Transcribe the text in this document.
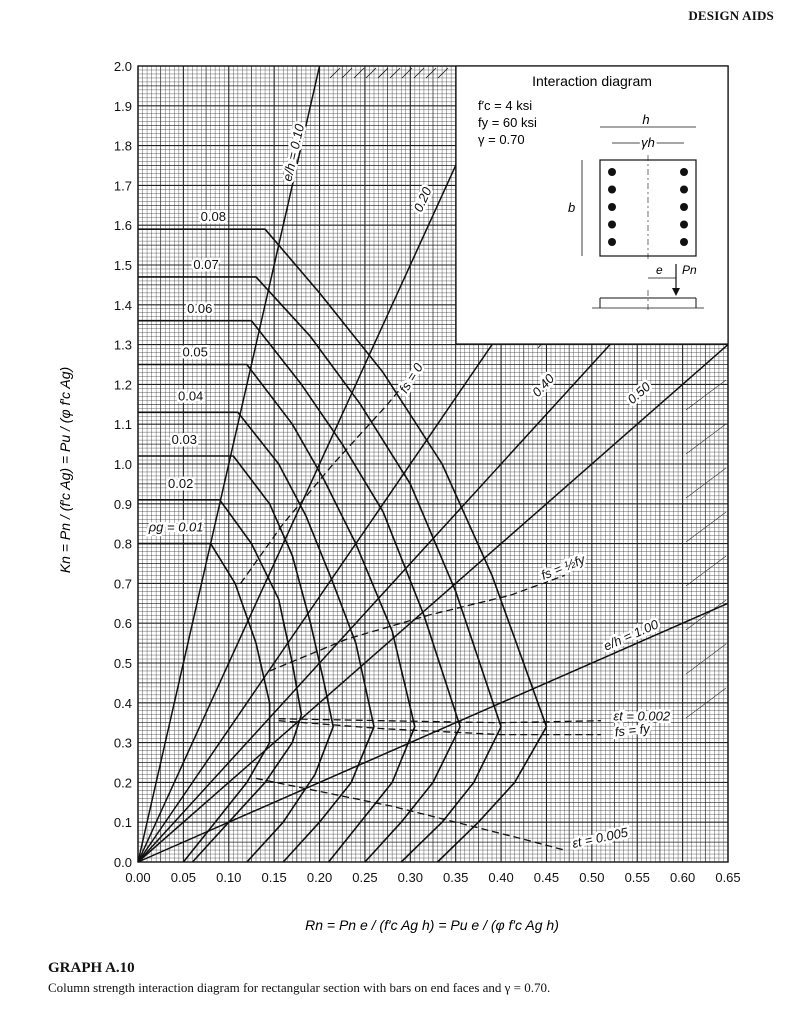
DESIGN AIDS
e/h = 0.10
0.20
0.40	0.50
e/h = 1.00
ρg = 0.01
0.02
0.03
0.04
0.05
0.06
0.07
0.08
fs = 0
fs = ½fy
εt = 0.002
fs = fy
εt = 0.005
0.00 0.05 0.10 0.15 0.20 0.25 0.30 0.35 0.40 0.45 0.50 0.55 0.60 0.65
0.0
0.1
0.2
0.3
0.4
0.5
0.6
0.7
0.8
0.9
1.0
1.1
1.2
1.3
1.4
1.5
1.6
1.7
1.8
1.9
2.0
Interaction diagram
f′c = 4 ksi
fy = 60 ksi
γ = 0.70
h
γh
b
e Pn
Kn = Pn / (f′c Ag) = Pu / (φ f′c Ag)
Rn = Pn e / (f′c Ag h) = Pu e / (φ f′c Ag h)
GRAPH A.10
Column strength interaction diagram for rectangular section with bars on end faces and γ = 0.70.
